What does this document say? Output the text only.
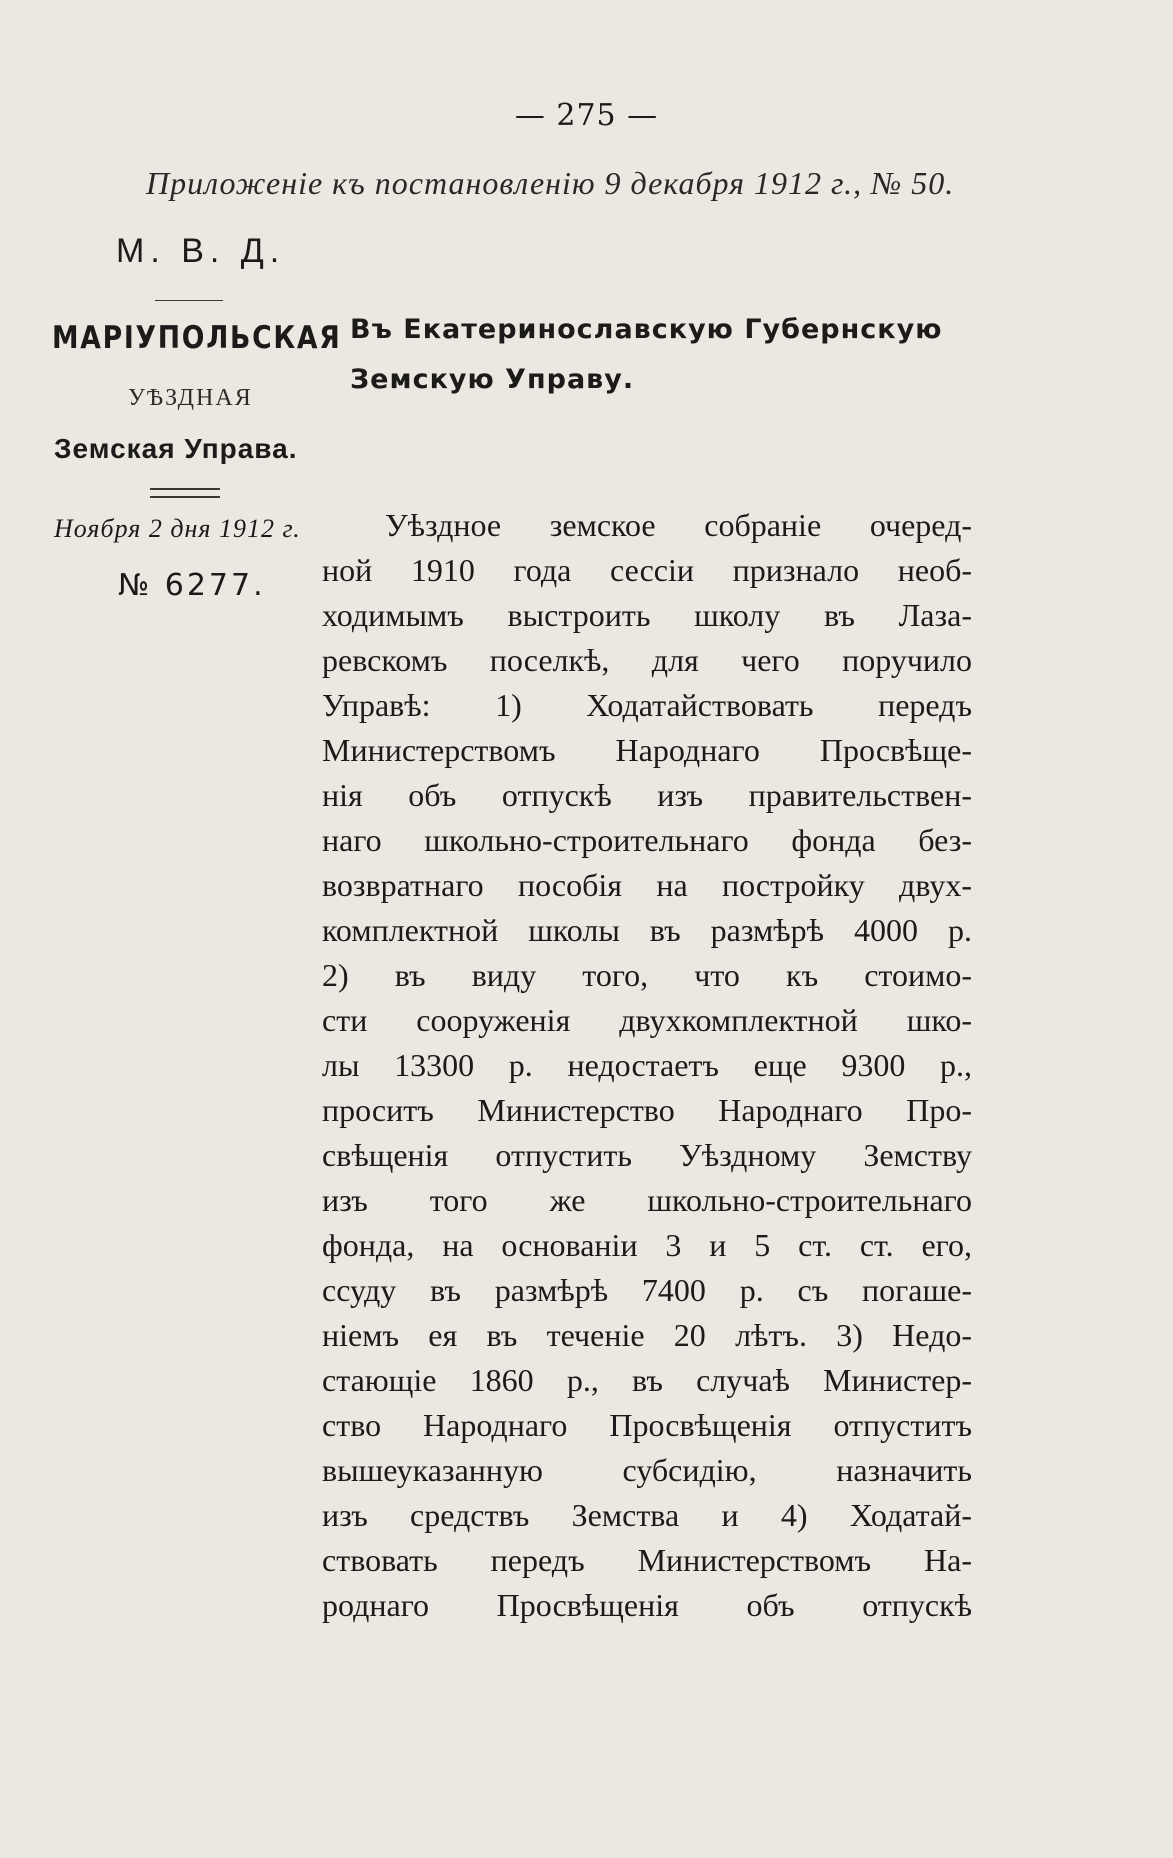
— 275 —
Приложеніе къ постановленію 9 декабря 1912 г., № 50.
М. В. Д.
МАРІУПОЛЬСКАЯ
УѢЗДНАЯ
Земская Управа.
Ноября 2 дня 1912 г.
№ 6277.
Въ Екатеринославскую Губернскую
Земскую Управу.
Уѣздное земское собраніе очеред-
ной 1910 года сессіи признало необ-
ходимымъ выстроить школу въ Лаза-
ревскомъ поселкѣ, для чего поручило
Управѣ: 1) Ходатайствовать передъ
Министерствомъ Народнаго Просвѣще-
нія объ отпускѣ изъ правительствен-
наго школьно-строительнаго фонда без-
возвратнаго пособія на постройку двух-
комплектной школы въ размѣрѣ 4000 р.
2) въ виду того, что къ стоимо-
сти сооруженія двухкомплектной шко-
лы 13300 р. недостаетъ еще 9300 р.,
проситъ Министерство Народнаго Про-
свѣщенія отпустить Уѣздному Земству
изъ того же школьно-строительнаго
фонда, на основаніи 3 и 5 ст. ст. его,
ссуду въ размѣрѣ 7400 р. съ погаше-
ніемъ ея въ теченіе 20 лѣтъ. 3) Недо-
стающіе 1860 р., въ случаѣ Министер-
ство Народнаго Просвѣщенія отпуститъ
вышеуказанную субсидію, назначить
изъ средствъ Земства и 4) Ходатай-
ствовать передъ Министерствомъ На-
роднаго Просвѣщенія объ отпускѣ
